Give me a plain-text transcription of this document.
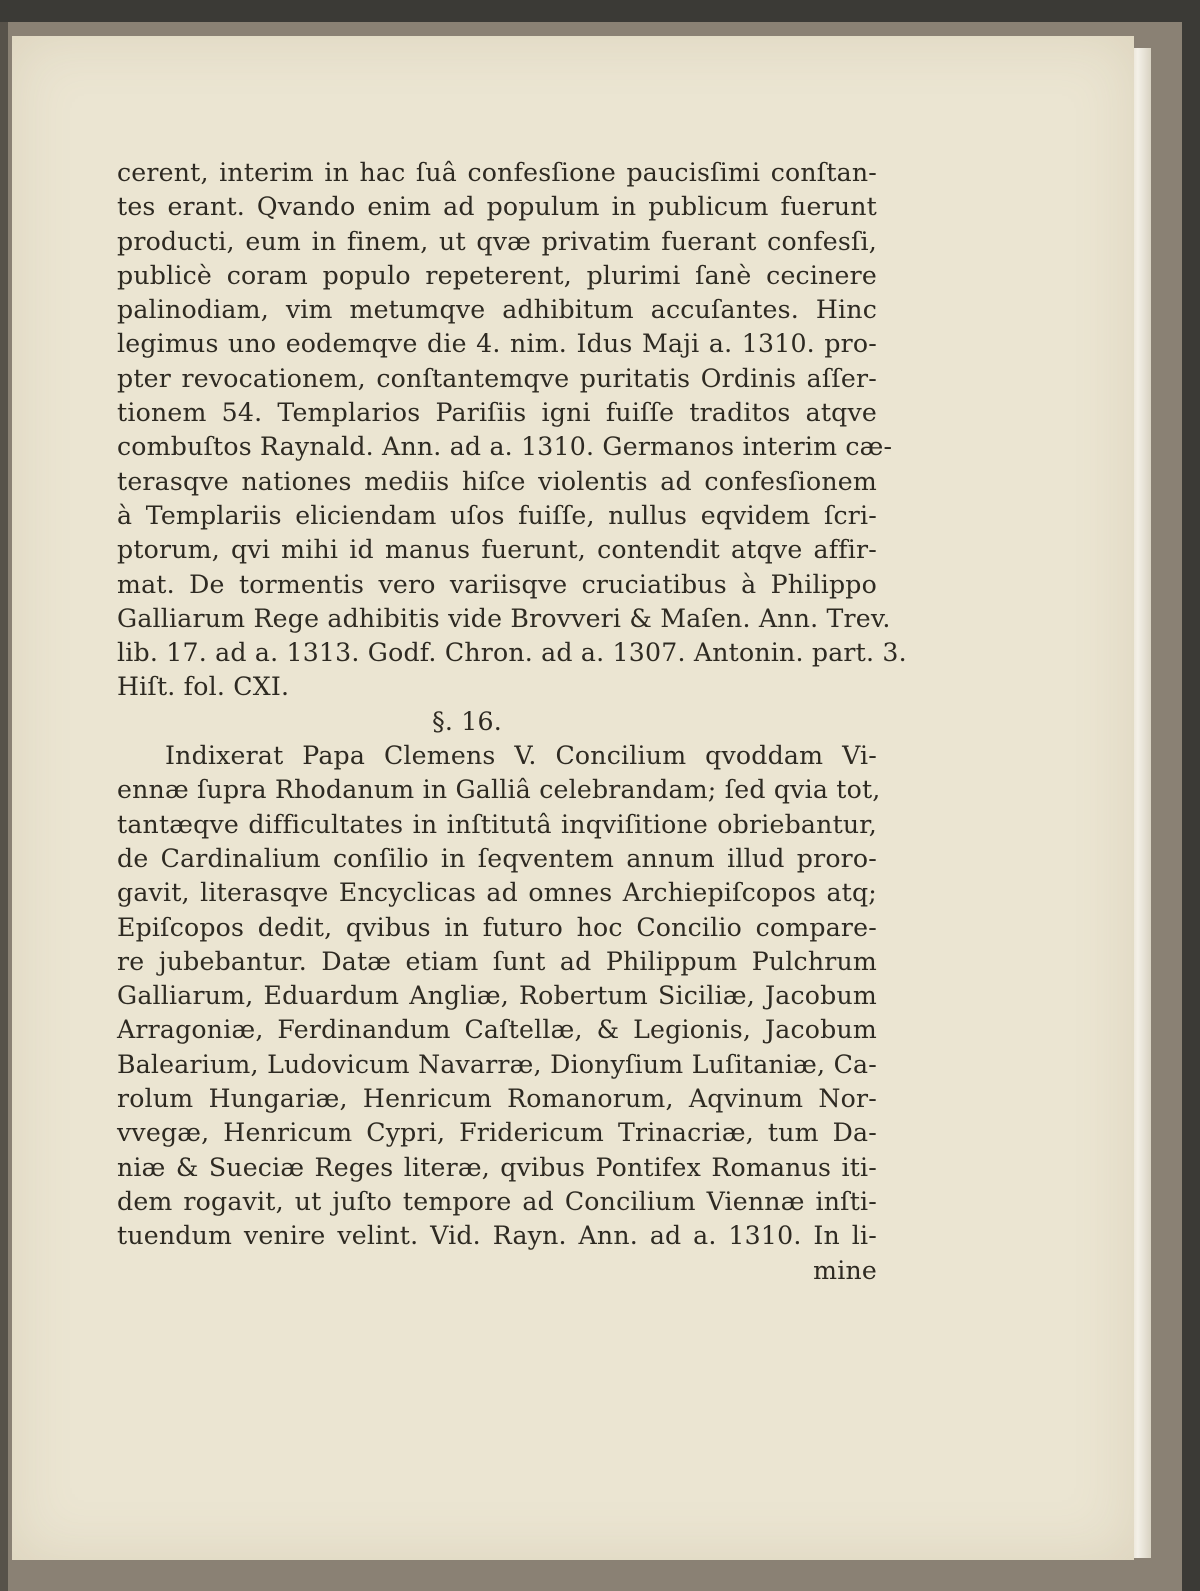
cerent, interim in hac ſuâ confesſione paucisſimi conſtan-
tes erant. Qvando enim ad populum in publicum fuerunt
producti, eum in finem, ut qvæ privatim fuerant confesſi,
publicè coram populo repeterent, plurimi ſanè cecinere
palinodiam, vim metumqve adhibitum accuſantes. Hinc
legimus uno eodemqve die 4. nim. Idus Maji a. 1310. pro-
pter revocationem, conſtantemqve puritatis Ordinis aſſer-
tionem 54. Templarios Pariſiis igni fuiſſe traditos atqve
combuſtos Raynald. Ann. ad a. 1310. Germanos interim cæ-
terasqve nationes mediis hiſce violentis ad confesſionem
à Templariis eliciendam uſos fuiſſe, nullus eqvidem ſcri-
ptorum, qvi mihi id manus fuerunt, contendit atqve affir-
mat. De tormentis vero variisqve cruciatibus à Philippo
Galliarum Rege adhibitis vide Brovveri & Maſen. Ann. Trev.
lib. 17. ad a. 1313. Godf. Chron. ad a. 1307. Antonin. part. 3.
Hiſt. fol. CXI.
§. 16.
Indixerat Papa Clemens V. Concilium qvoddam Vi-
ennæ ſupra Rhodanum in Galliâ celebrandam; ſed qvia tot,
tantæqve difficultates in inſtitutâ inqviſitione obriebantur,
de Cardinalium conſilio in ſeqventem annum illud proro-
gavit, literasqve Encyclicas ad omnes Archiepiſcopos atq;
Epiſcopos dedit, qvibus in futuro hoc Concilio compare-
re jubebantur. Datæ etiam ſunt ad Philippum Pulchrum
Galliarum, Eduardum Angliæ, Robertum Siciliæ, Jacobum
Arragoniæ, Ferdinandum Caſtellæ, & Legionis, Jacobum
Balearium, Ludovicum Navarræ, Dionyſium Luſitaniæ, Ca-
rolum Hungariæ, Henricum Romanorum, Aqvinum Nor-
vvegæ, Henricum Cypri, Fridericum Trinacriæ, tum Da-
niæ & Sueciæ Reges literæ, qvibus Pontifex Romanus iti-
dem rogavit, ut juſto tempore ad Concilium Viennæ inſti-
tuendum venire velint. Vid. Rayn. Ann. ad a. 1310. In li-
mine
